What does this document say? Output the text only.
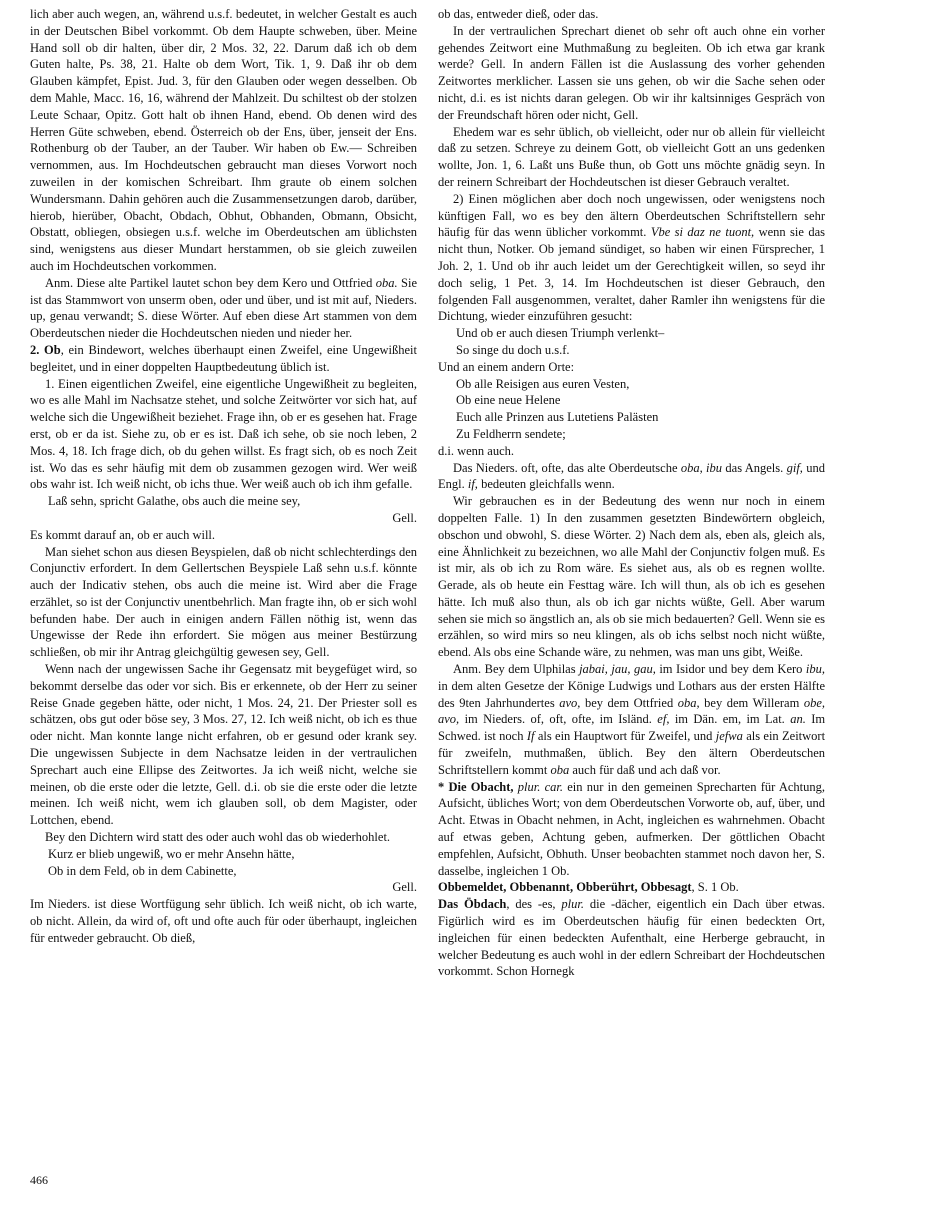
lich aber auch wegen, an, während u.s.f. bedeutet, in welcher Gestalt es auch in der Deutschen Bibel vorkommt. Ob dem Haupte schweben, über. Meine Hand soll ob dir halten, über dir, 2 Mos. 32, 22. Darum daß ich ob dem Guten halte, Ps. 38, 21. Halte ob dem Wort, Tik. 1, 9. Daß ihr ob dem Glauben kämpfet, Epist. Jud. 3, für den Glauben oder wegen desselben. Ob dem Mahle, Macc. 16, 16, während der Mahlzeit. Du schiltest ob der stolzen Leute Schaar, Opitz. Gott halt ob ihnen Hand, ebend. Ob denen wird des Herren Güte schweben, ebend. Österreich ob der Ens, über, jenseit der Ens. Rothenburg ob der Tauber, an der Tauber. Wir haben ob Ew.— Schreiben vernommen, aus. Im Hochdeutschen gebraucht man dieses Vorwort noch zuweilen in der komischen Schreibart. Ihm graute ob einem solchen Wundersmann. Dahin gehören auch die Zusammensetzungen darob, darüber, hierob, hierüber, Obacht, Obdach, Obhut, Obhanden, Obmann, Obsicht, Obstatt, obliegen, obsiegen u.s.f. welche im Oberdeutschen am üblichsten sind, wenigstens aus dieser Mundart herstammen, ob sie gleich zuweilen auch im Hochdeutschen vorkommen.

Anm. Diese alte Partikel lautet schon bey dem Kero und Ottfried oba. Sie ist das Stammwort von unserm oben, oder und über, und ist mit auf, Nieders. up, genau verwandt; S. diese Wörter. Auf eben diese Art stammen von dem Oberdeutschen nieder die Hochdeutschen nieden und nieder her.

2. Ob, ein Bindewort, welches überhaupt einen Zweifel, eine Ungewißheit begleitet, und in einer doppelten Hauptbedeutung üblich ist.

1. Einen eigentlichen Zweifel, eine eigentliche Ungewißheit zu begleiten, wo es alle Mahl im Nachsatze stehet, und solche Zeitwörter vor sich hat, auf welche sich die Ungewißheit beziehet. Frage ihn, ob er es gesehen hat. Frage erst, ob er da ist. Siehe zu, ob er es ist. Daß ich sehe, ob sie noch leben, 2 Mos. 4, 18. Ich frage dich, ob du gehen willst. Es fragt sich, ob es noch Zeit ist. Wo das es sehr häufig mit dem ob zusammen gezogen wird. Wer weiß obs wahr ist. Ich weiß nicht, ob ichs thue. Wer weiß auch ob ich ihm gefalle.

Laß sehn, spricht Galathe, obs auch die meine sey,

Gell.

Es kommt darauf an, ob er auch will.

Man siehet schon aus diesen Beyspielen, daß ob nicht schlechterdings den Conjunctiv erfordert. In dem Gellertschen Beyspiele Laß sehn u.s.f. könnte auch der Indicativ stehen, obs auch die meine ist. Wird aber die Frage erzählet, so ist der Conjunctiv unentbehrlich. Man fragte ihn, ob er sich wohl befunden habe. Der auch in einigen andern Fällen nöthig ist, wenn das Ungewisse der Rede ihn erfordert. Sie mögen aus meiner Bestürzung schließen, ob mir ihr Antrag gleichgültig gewesen sey, Gell.

Wenn nach der ungewissen Sache ihr Gegensatz mit beygefüget wird, so bekommt derselbe das oder vor sich. Bis er erkennete, ob der Herr zu seiner Reise Gnade gegeben hätte, oder nicht, 1 Mos. 24, 21. Der Priester soll es schätzen, obs gut oder böse sey, 3 Mos. 27, 12. Ich weiß nicht, ob ich es thue oder nicht. Man konnte lange nicht erfahren, ob er gesund oder krank sey. Die ungewissen Subjecte in dem Nachsatze leiden in der vertraulichen Sprechart auch eine Ellipse des Zeitwortes. Ja ich weiß nicht, welche sie meinen, ob die erste oder die letzte, Gell. d.i. ob sie die erste oder die letzte meinen. Ich weiß nicht, wem ich glauben soll, ob dem Magister, oder Lottchen, ebend.

Bey den Dichtern wird statt des oder auch wohl das ob wiederhohlet.

Kurz er blieb ungewiß, wo er mehr Ansehn hätte,

Ob in dem Feld, ob in dem Cabinette,

Gell.

Im Nieders. ist diese Wortfügung sehr üblich. Ich weiß nicht, ob ich warte, ob nicht. Allein, da wird of, oft und ofte auch für oder überhaupt, ingleichen für entweder gebraucht. Ob dieß,

ob das, entweder dieß, oder das.

In der vertraulichen Sprechart dienet ob sehr oft auch ohne ein vorher gehendes Zeitwort eine Muthmaßung zu begleiten. Ob ich etwa gar krank werde? Gell. In andern Fällen ist die Auslassung des vorher gehenden Zeitwortes merklicher. Lassen sie uns gehen, ob wir die Sache sehen oder nicht, d.i. es ist nichts daran gelegen. Ob wir ihr kaltsinniges Gespräch von der Freundschaft hören oder nicht, Gell.

Ehedem war es sehr üblich, ob vielleicht, oder nur ob allein für vielleicht daß zu setzen. Schreye zu deinem Gott, ob vielleicht Gott an uns gedenken wollte, Jon. 1, 6. Laßt uns Buße thun, ob Gott uns möchte gnädig seyn. In der reinern Schreibart der Hochdeutschen ist dieser Gebrauch veraltet.

2) Einen möglichen aber doch noch ungewissen, oder wenigstens noch künftigen Fall, wo es bey den ältern Oberdeutschen Schriftstellern sehr häufig für das wenn üblicher vorkommt. Vbe si daz ne tuont, wenn sie das nicht thun, Notker. Ob jemand sündiget, so haben wir einen Fürsprecher, 1 Joh. 2, 1. Und ob ihr auch leidet um der Gerechtigkeit willen, so seyd ihr doch selig, 1 Pet. 3, 14. Im Hochdeutschen ist dieser Gebrauch, den folgenden Fall ausgenommen, veraltet, daher Ramler ihn wenigstens für die Dichtung, wieder einzuführen gesucht:

Und ob er auch diesen Triumph verlenkt–

So singe du doch u.s.f.

Und an einem andern Orte:

Ob alle Reisigen aus euren Vesten,

Ob eine neue Helene

Euch alle Prinzen aus Lutetiens Palästen

Zu Feldherrn sendete;

d.i. wenn auch.

Das Nieders. oft, ofte, das alte Oberdeutsche oba, ibu das Angels. gif, und Engl. if, bedeuten gleichfalls wenn.

Wir gebrauchen es in der Bedeutung des wenn nur noch in einem doppelten Falle. 1) In den zusammen gesetzten Bindewörtern obgleich, obschon und obwohl, S. diese Wörter. 2) Nach dem als, eben als, gleich als, eine Ähnlichkeit zu bezeichnen, wo alle Mahl der Conjunctiv folgen muß. Es ist mir, als ob ich zu Rom wäre. Es siehet aus, als ob es regnen wollte. Gerade, als ob heute ein Festtag wäre. Ich will thun, als ob ich es gesehen hätte. Ich muß also thun, als ob ich gar nichts wüßte, Gell. Aber warum sehen sie mich so ängstlich an, als ob sie mich bedauerten? Gell. Wenn sie es erzählen, so wird mirs so neu klingen, als ob ichs selbst noch nicht wüßte, ebend. Als obs eine Schande wäre, zu nehmen, was man uns gibt, Weiße.

Anm. Bey dem Ulphilas jabai, jau, gau, im Isidor und bey dem Kero ibu, in dem alten Gesetze der Könige Ludwigs und Lothars aus der ersten Hälfte des 9ten Jahrhundertes avo, bey dem Ottfried oba, bey dem Willeram obe, avo, im Nieders. of, oft, ofte, im Isländ. ef, im Dän. em, im Lat. an. Im Schwed. ist noch If als ein Hauptwort für Zweifel, und jefwa als ein Zeitwort für zweifeln, muthmaßen, üblich. Bey den ältern Oberdeutschen Schriftstellern kommt oba auch für daß und ach daß vor.

* Die Obacht, plur. car. ein nur in den gemeinen Sprecharten für Achtung, Aufsicht, übliches Wort; von dem Oberdeutschen Vorworte ob, auf, über, und Acht. Etwas in Obacht nehmen, in Acht, ingleichen es wahrnehmen. Obacht auf etwas geben, Achtung geben, aufmerken. Der göttlichen Obacht empfehlen, Aufsicht, Obhuth. Unser beobachten stammet noch davon her, S. dasselbe, ingleichen 1 Ob.

Obbemeldet, Obbenannt, Obberührt, Obbesagt, S. 1 Ob.

Das Öbdach, des -es, plur. die -dächer, eigentlich ein Dach über etwas. Figürlich wird es im Oberdeutschen häufig für einen bedeckten Ort, ingleichen für einen bedeckten Aufenthalt, eine Herberge gebraucht, in welcher Bedeutung es auch wohl in der edlern Schreibart der Hochdeutschen vorkommt. Schon Hornegk

466
